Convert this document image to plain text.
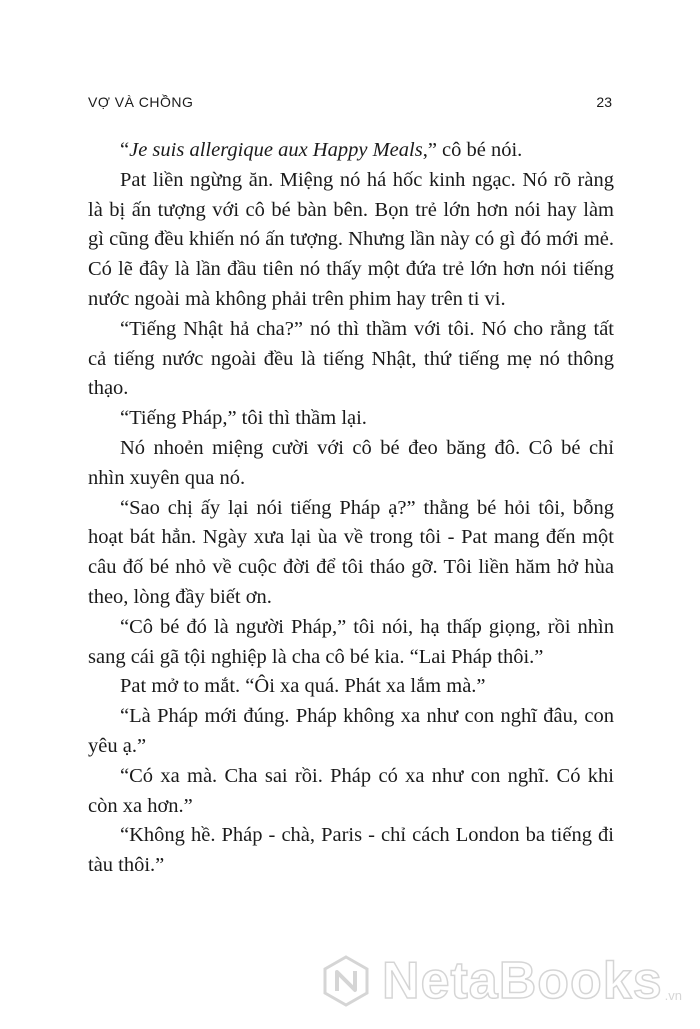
VỢ VÀ CHỒNG	23

“Je suis allergique aux Happy Meals,” cô bé nói.

Pat liền ngừng ăn. Miệng nó há hốc kinh ngạc. Nó rõ ràng là bị ấn tượng với cô bé bàn bên. Bọn trẻ lớn hơn nói hay làm gì cũng đều khiến nó ấn tượng. Nhưng lần này có gì đó mới mẻ. Có lẽ đây là lần đầu tiên nó thấy một đứa trẻ lớn hơn nói tiếng nước ngoài mà không phải trên phim hay trên ti vi.

“Tiếng Nhật hả cha?” nó thì thầm với tôi. Nó cho rằng tất cả tiếng nước ngoài đều là tiếng Nhật, thứ tiếng mẹ nó thông thạo.

“Tiếng Pháp,” tôi thì thầm lại.

Nó nhoẻn miệng cười với cô bé đeo băng đô. Cô bé chỉ nhìn xuyên qua nó.

“Sao chị ấy lại nói tiếng Pháp ạ?” thằng bé hỏi tôi, bỗng hoạt bát hẳn. Ngày xưa lại ùa về trong tôi - Pat mang đến một câu đố bé nhỏ về cuộc đời để tôi tháo gỡ. Tôi liền hăm hở hùa theo, lòng đầy biết ơn.

“Cô bé đó là người Pháp,” tôi nói, hạ thấp giọng, rồi nhìn sang cái gã tội nghiệp là cha cô bé kia. “Lai Pháp thôi.”

Pat mở to mắt. “Ôi xa quá. Phát xa lắm mà.”

“Là Pháp mới đúng. Pháp không xa như con nghĩ đâu, con yêu ạ.”

“Có xa mà. Cha sai rồi. Pháp có xa như con nghĩ. Có khi còn xa hơn.”

“Không hề. Pháp - chà, Paris - chỉ cách London ba tiếng đi tàu thôi.”

NetaBooks .vn
